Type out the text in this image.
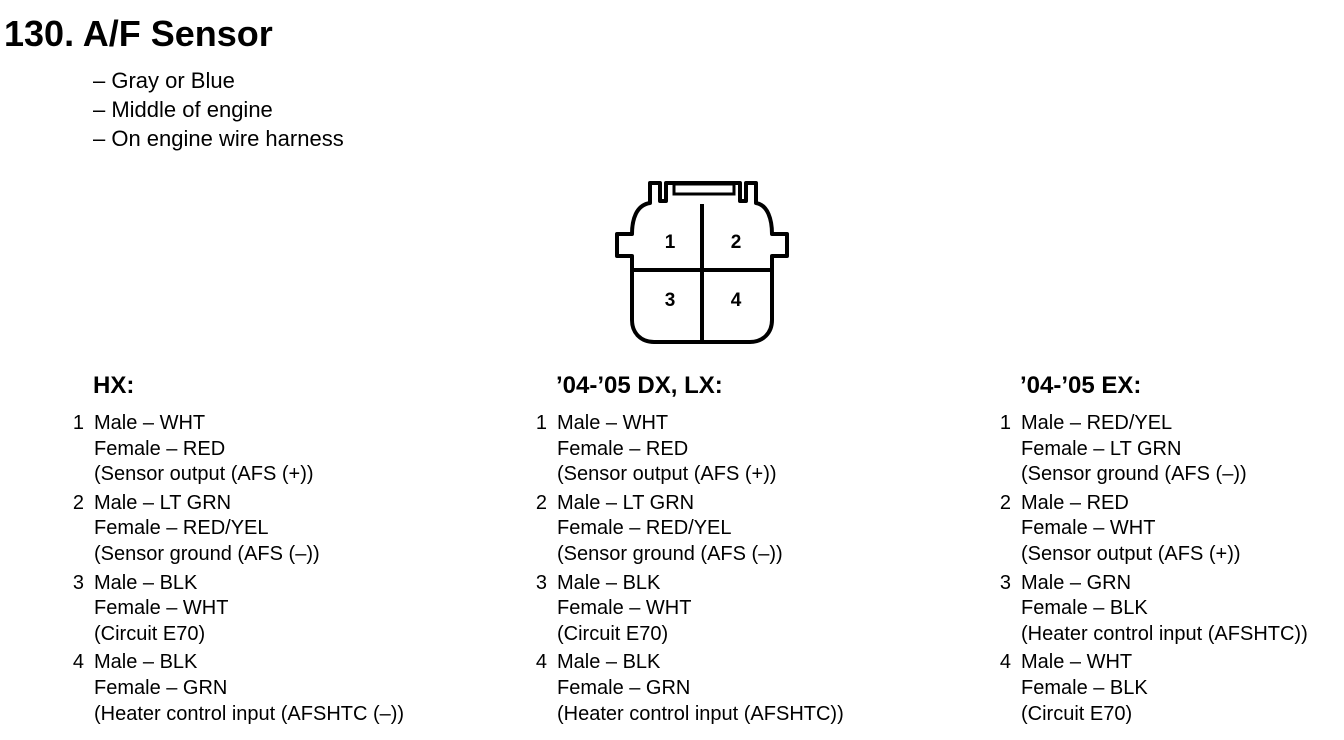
130. A/F Sensor
– Gray or Blue
– Middle of engine
– On engine wire harness
1	2
3	4
HX:
1 Male – WHT
Female – RED
(Sensor output (AFS (+))
2 Male – LT GRN
Female – RED/YEL
(Sensor ground (AFS (–))
3 Male – BLK
Female – WHT
(Circuit E70)
4 Male – BLK
Female – GRN
(Heater control input (AFSHTC (–))
’04-’05 DX, LX:
1 Male – WHT
Female – RED
(Sensor output (AFS (+))
2 Male – LT GRN
Female – RED/YEL
(Sensor ground (AFS (–))
3 Male – BLK
Female – WHT
(Circuit E70)
4 Male – BLK
Female – GRN
(Heater control input (AFSHTC))
’04-’05 EX:
1 Male – RED/YEL
Female – LT GRN
(Sensor ground (AFS (–))
2 Male – RED
Female – WHT
(Sensor output (AFS (+))
3 Male – GRN
Female – BLK
(Heater control input (AFSHTC))
4 Male – WHT
Female – BLK
(Circuit E70)
